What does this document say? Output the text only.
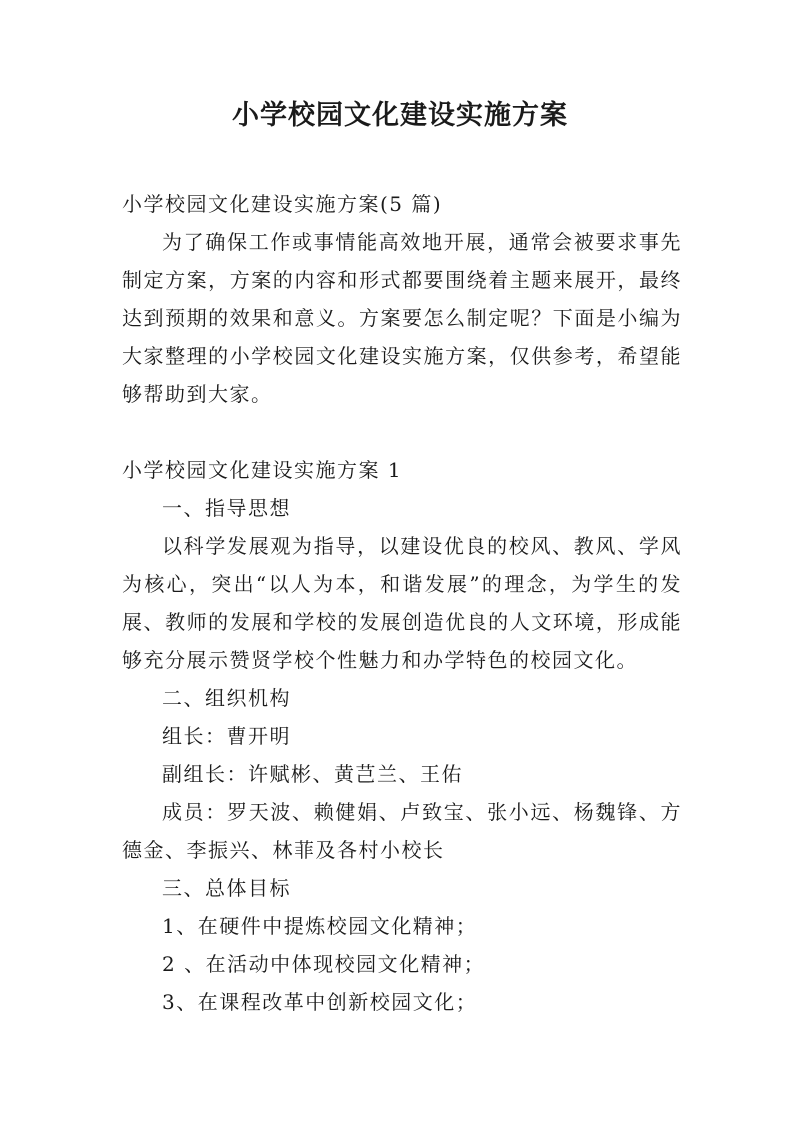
小学校园文化建设实施方案

小学校园文化建设实施方案(5 篇)

为了确保工作或事情能高效地开展，通常会被要求事先制定方案，方案的内容和形式都要围绕着主题来展开，最终达到预期的效果和意义。方案要怎么制定呢？下面是小编为大家整理的小学校园文化建设实施方案，仅供参考，希望能够帮助到大家。

小学校园文化建设实施方案 1

一、指导思想

以科学发展观为指导，以建设优良的校风、教风、学风为核心，突出“以人为本，和谐发展”的理念，为学生的发展、教师的发展和学校的发展创造优良的人文环境，形成能够充分展示赞贤学校个性魅力和办学特色的校园文化。

二、组织机构

组长：曹开明

副组长：许赋彬、黄芑兰、王佑

成员：罗天波、赖健娟、卢致宝、张小远、杨魏锋、方德金、李振兴、林菲及各村小校长

三、总体目标

1、在硬件中提炼校园文化精神；

2 、在活动中体现校园文化精神；

3、在课程改革中创新校园文化；
